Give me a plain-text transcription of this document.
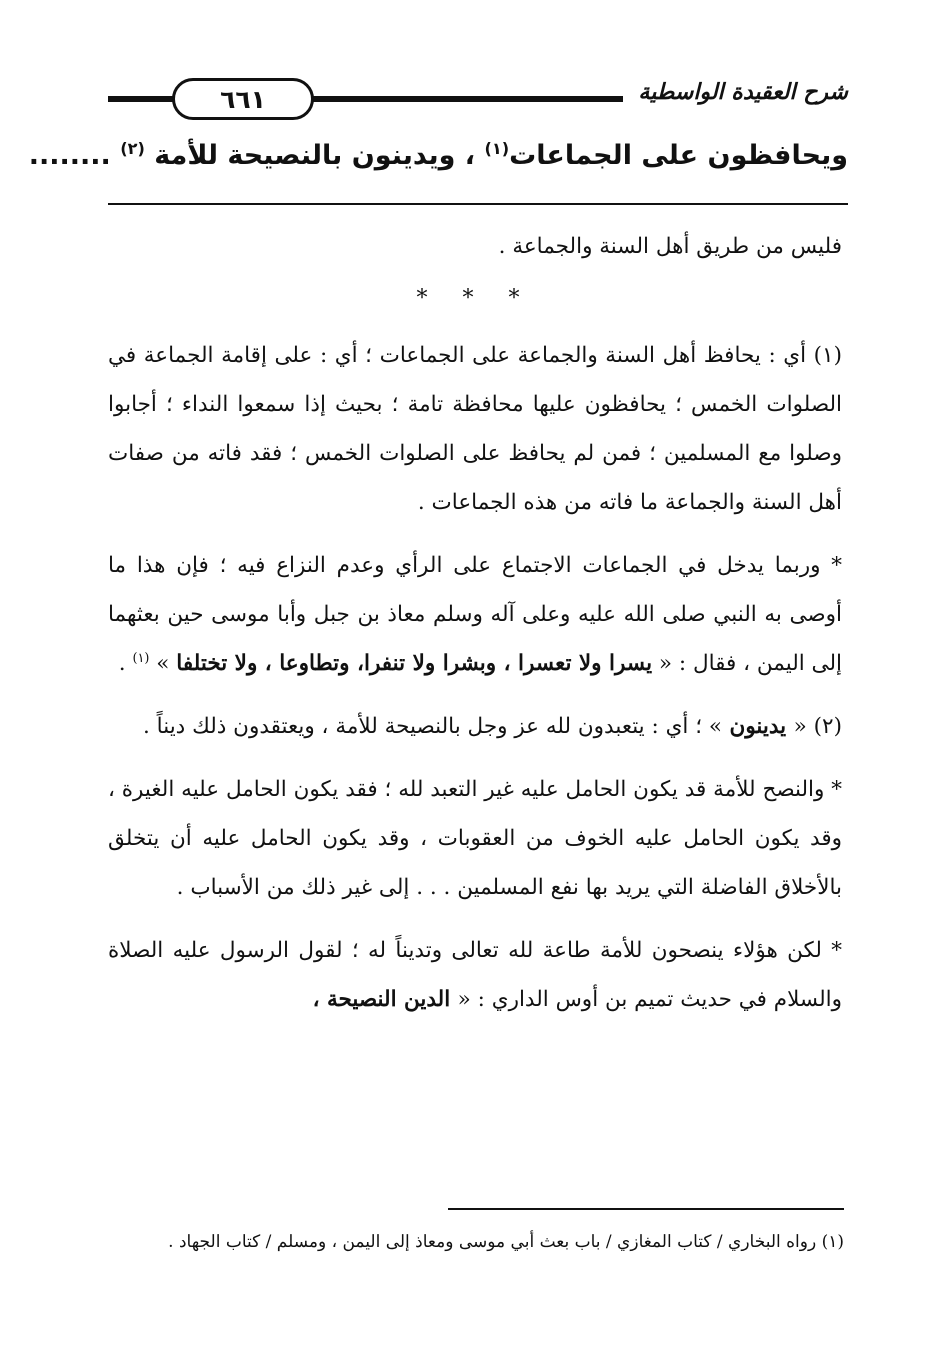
٦٦١	شرح العقيدة الواسطية
ويحافظون على الجماعات$^{(١)}$ ، ويدينون بالنصيحة للأمة $^{(٢)}$ ........

فليس من طريق أهل السنة والجماعة .

* * *

(١) أي : يحافظ أهل السنة والجماعة على الجماعات ؛ أي : على إقامة الجماعة في الصلوات الخمس ؛ يحافظون عليها محافظة تامة ؛ بحيث إذا سمعوا النداء ؛ أجابوا وصلوا مع المسلمين ؛ فمن لم يحافظ على الصلوات الخمس ؛ فقد فاته من صفات أهل السنة والجماعة ما فاته من هذه الجماعات .

* وربما يدخل في الجماعات الاجتماع على الرأي وعدم النزاع فيه ؛ فإن هذا ما أوصى به النبي صلى الله عليه وعلى آله وسلم معاذ بن جبل وأبا موسى حين بعثهما إلى اليمن ، فقال : « يسرا ولا تعسرا ، وبشرا ولا تنفرا، وتطاوعا ، ولا تختلفا » $^{(١)}$ .

(٢) « يدينون » ؛ أي : يتعبدون لله عز وجل بالنصيحة للأمة ، ويعتقدون ذلك ديناً .

* والنصح للأمة قد يكون الحامل عليه غير التعبد لله ؛ فقد يكون الحامل عليه الغيرة ، وقد يكون الحامل عليه الخوف من العقوبات ، وقد يكون الحامل عليه أن يتخلق بالأخلاق الفاضلة التي يريد بها نفع المسلمين . . . إلى غير ذلك من الأسباب .

* لكن هؤلاء ينصحون للأمة طاعة لله تعالى وتديناً له ؛ لقول الرسول عليه الصلاة والسلام في حديث تميم بن أوس الداري : « الدين النصيحة ،

(١) رواه البخاري / كتاب المغازي / باب بعث أبي موسى ومعاذ إلى اليمن ، ومسلم / كتاب الجهاد .
